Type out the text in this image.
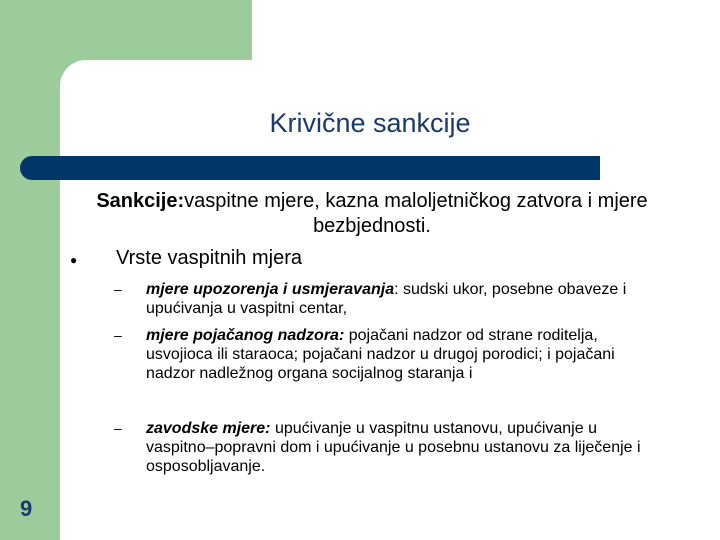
Krivične sankcije
Sankcije:vaspitne mjere, kazna maloljetničkog zatvora i mjere bezbjednosti.
● Vrste vaspitnih mjera
– mjere upozorenja i usmjeravanja: sudski ukor, posebne obaveze i upućivanja u vaspitni centar,
– mjere pojačanog nadzora: pojačani nadzor od strane roditelja, usvojioca ili staraoca; pojačani nadzor u drugoj porodici; i pojačani nadzor nadležnog organa socijalnog staranja i
– zavodske mjere: upućivanje u vaspitnu ustanovu, upućivanje u vaspitno–popravni dom i upućivanje u posebnu ustanovu za liječenje i osposobljavanje.
9
